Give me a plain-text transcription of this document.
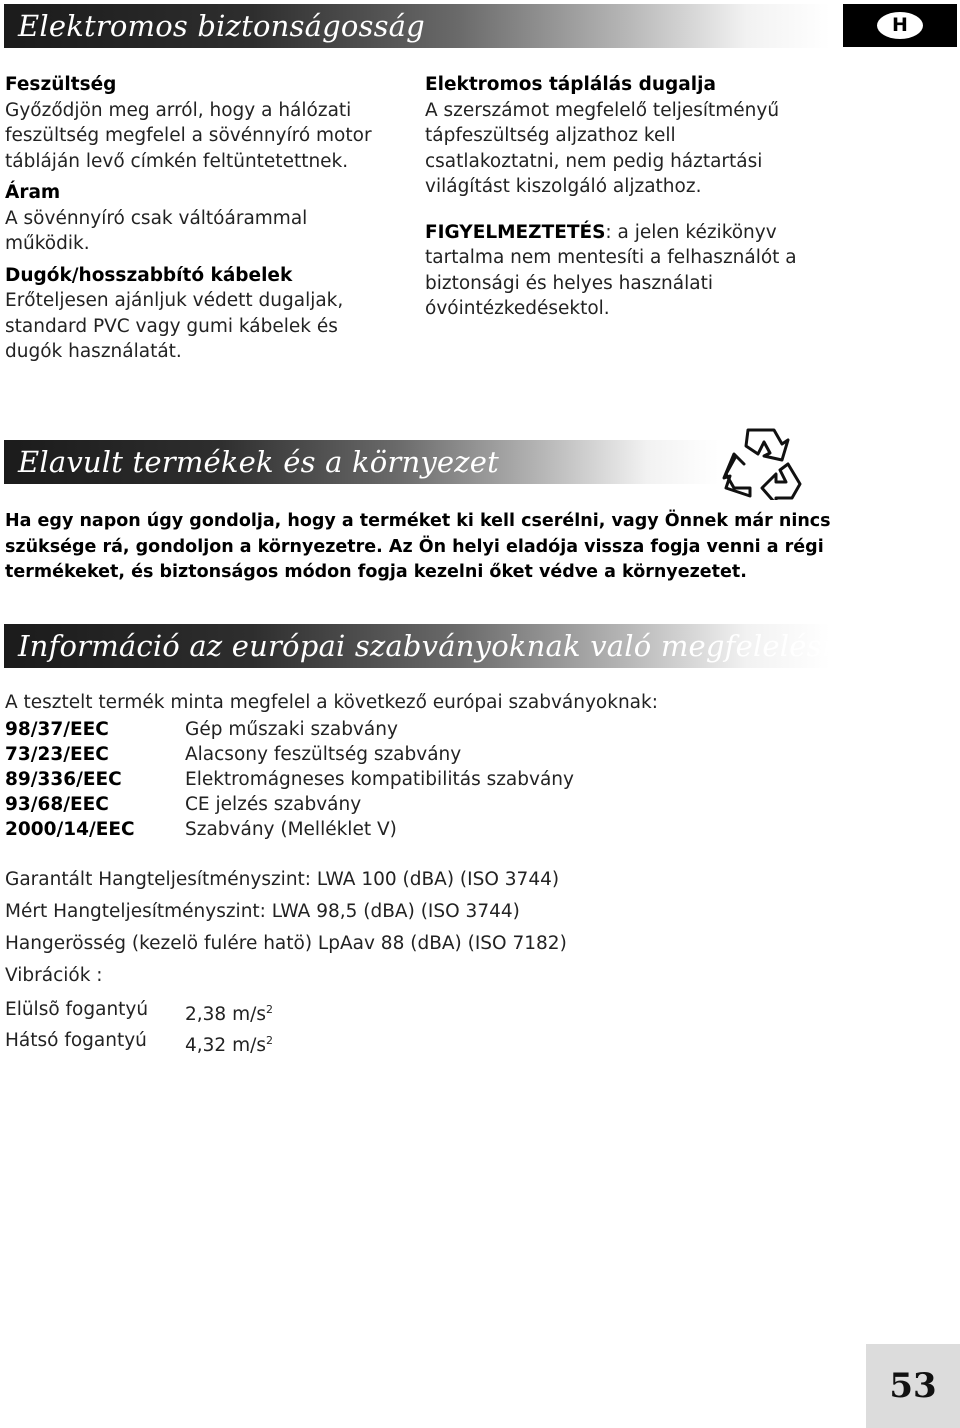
Elektromos biztonságosság	H

Feszültség

Győződjön meg arról, hogy a hálózati feszültség megfelel a sövénnyíró motor tábláján levő címkén feltüntetettnek.

Áram

A sövénnyíró csak váltóárammal működik.

Dugók/hosszabbító kábelek

Erőteljesen ajánljuk védett dugaljak, standard PVC vagy gumi kábelek és dugók használatát.

Elektromos táplálás dugalja

A szerszámot megfelelő teljesítményű tápfeszültség aljzathoz kell csatlakoztatni, nem pedig háztartási világítást kiszolgáló aljzathoz.

FIGYELMEZTETÉS: a jelen kézikönyv tartalma nem mentesíti a felhasználót a biztonsági és helyes használati óvóintézkedésektol.

Elavult termékek és a környezet

Ha egy napon úgy gondolja, hogy a terméket ki kell cserélni, vagy Önnek már nincs szüksége rá, gondoljon a környezetre. Az Ön helyi eladója vissza fogja venni a régi termékeket, és biztonságos módon fogja kezelni őket védve a környezetet.

Információ az európai szabványoknak való megfelelésrol
A tesztelt termék minta megfelel a következő európai szabványoknak:
98/37/EEC	Gép műszaki szabvány
73/23/EEC	Alacsony feszültség szabvány
89/336/EEC	Elektromágneses kompatibilitás szabvány
93/68/EEC	CE jelzés szabvány
2000/14/EEC	Szabvány (Melléklet V)
Garantált Hangteljesítményszint: LWA 100 (dBA) (ISO 3744)
Mért Hangteljesítményszint: LWA 98,5 (dBA) (ISO 3744)
Hangerösség (kezelö fulére hatö) LpAav 88 (dBA) (ISO 7182)
Vibrációk :
Elülsõ fogantyú	2,38 $m/s^2$
Hátsó fogantyú	4,32 $m/s^2$
53
